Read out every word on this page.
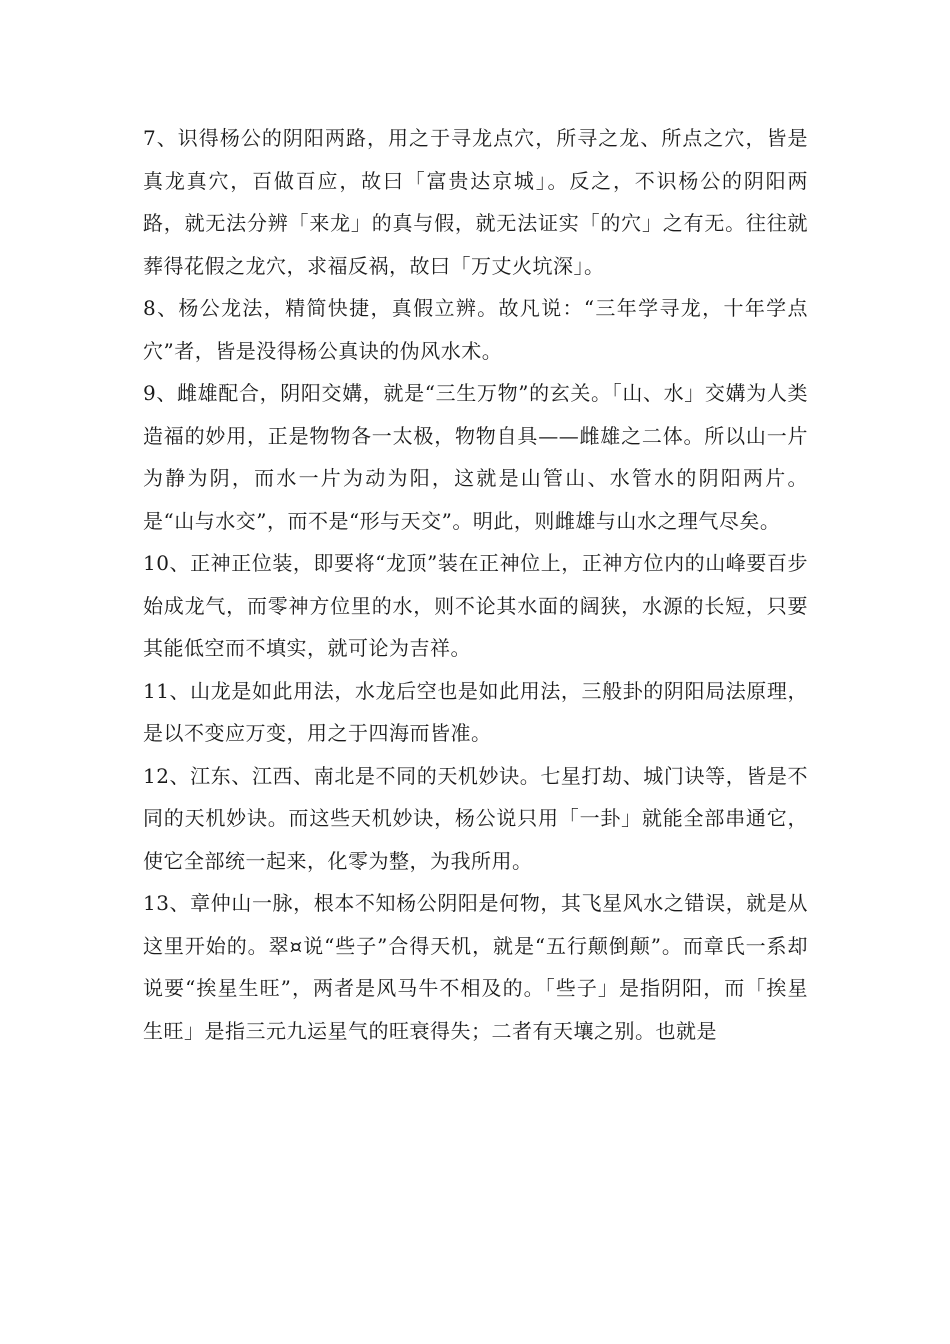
7、识得杨公的阴阳两路，用之于寻龙点穴，所寻之龙、所点之穴，皆是真龙真穴，百做百应，故曰「富贵达京城」。反之，不识杨公的阴阳两路，就无法分辨「来龙」的真与假，就无法证实「的穴」之有无。往往就葬得花假之龙穴，求福反祸，故曰「万丈火坑深」。

8、杨公龙法，精简快捷，真假立辨。故凡说：“三年学寻龙，十年学点穴”者，皆是没得杨公真诀的伪风水术。

9、雌雄配合，阴阳交媾，就是“三生万物”的玄关。「山、水」交媾为人类造福的妙用，正是物物各一太极，物物自具——雌雄之二体。所以山一片为静为阴，而水一片为动为阳，这就是山管山、水管水的阴阳两片。是“山与水交”，而不是“形与天交”。明此，则雌雄与山水之理气尽矣。

10、正神正位装，即要将“龙顶”装在正神位上，正神方位内的山峰要百步始成龙气，而零神方位里的水，则不论其水面的阔狭，水源的长短，只要其能低空而不填实，就可论为吉祥。

11、山龙是如此用法，水龙后空也是如此用法，三般卦的阴阳局法原理，是以不变应万变，用之于四海而皆准。

12、江东、江西、南北是不同的天机妙诀。七星打劫、城门诀等，皆是不同的天机妙诀。而这些天机妙诀，杨公说只用「一卦」就能全部串通它，使它全部统一起来，化零为整，为我所用。

13、章仲山一脉，根本不知杨公阴阳是何物，其飞星风水之错误，就是从这里开始的。翠¤说“些子”合得天机，就是“五行颠倒颠”。而章氏一系却说要“挨星生旺”，两者是风马牛不相及的。「些子」是指阴阳，而「挨星生旺」是指三元九运星气的旺衰得失；二者有天壤之别。也就是
